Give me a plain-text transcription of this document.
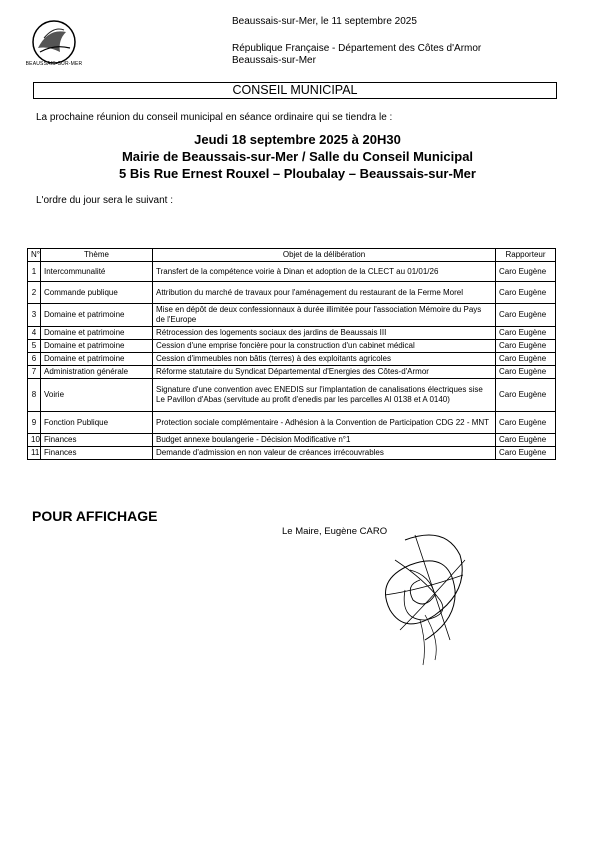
BEAUSSAIS-SUR-MER
Beaussais-sur-Mer, le 11 septembre 2025
République Française - Département des Côtes d'Armor
Beaussais-sur-Mer
CONSEIL MUNICIPAL
La prochaine réunion du conseil municipal en séance ordinaire qui se tiendra le :
Jeudi 18 septembre 2025 à 20H30
Mairie de Beaussais-sur-Mer / Salle du Conseil Municipal
5 Bis Rue Ernest Rouxel – Ploubalay – Beaussais-sur-Mer
L'ordre du jour sera le suivant :
N°	Thème	Objet de la délibération	Rapporteur
1	Intercommunalité	Transfert de la compétence voirie à Dinan et adoption de la CLECT au 01/01/26	Caro Eugène
2	Commande publique	Attribution du marché de travaux pour l'aménagement du restaurant de la Ferme Morel	Caro Eugène
3	Domaine et patrimoine	Mise en dépôt de deux confessionnaux à durée illimitée pour l'association Mémoire du Pays de l'Europe	Caro Eugène
4	Domaine et patrimoine	Rétrocession des logements sociaux des jardins de Beaussais III	Caro Eugène
5	Domaine et patrimoine	Cession d'une emprise foncière pour la construction d'un cabinet médical	Caro Eugène
6	Domaine et patrimoine	Cession d'immeubles non bâtis (terres) à des exploitants agricoles	Caro Eugène
7	Administration générale	Réforme statutaire du Syndicat Départemental d'Energies des Côtes-d'Armor	Caro Eugène
8	Voirie	Signature d'une convention avec ENEDIS sur l'implantation de canalisations électriques sise Le Pavillon d'Abas (servitude au profit d'enedis par les parcelles AI 0138 et A 0140)	Caro Eugène
9	Fonction Publique	Protection sociale complémentaire - Adhésion à la Convention de Participation CDG 22 - MNT	Caro Eugène
10	Finances	Budget annexe boulangerie - Décision Modificative n°1	Caro Eugène
11	Finances	Demande d'admission en non valeur de créances irrécouvrables	Caro Eugène
POUR AFFICHAGE
Le Maire, Eugène CARO
